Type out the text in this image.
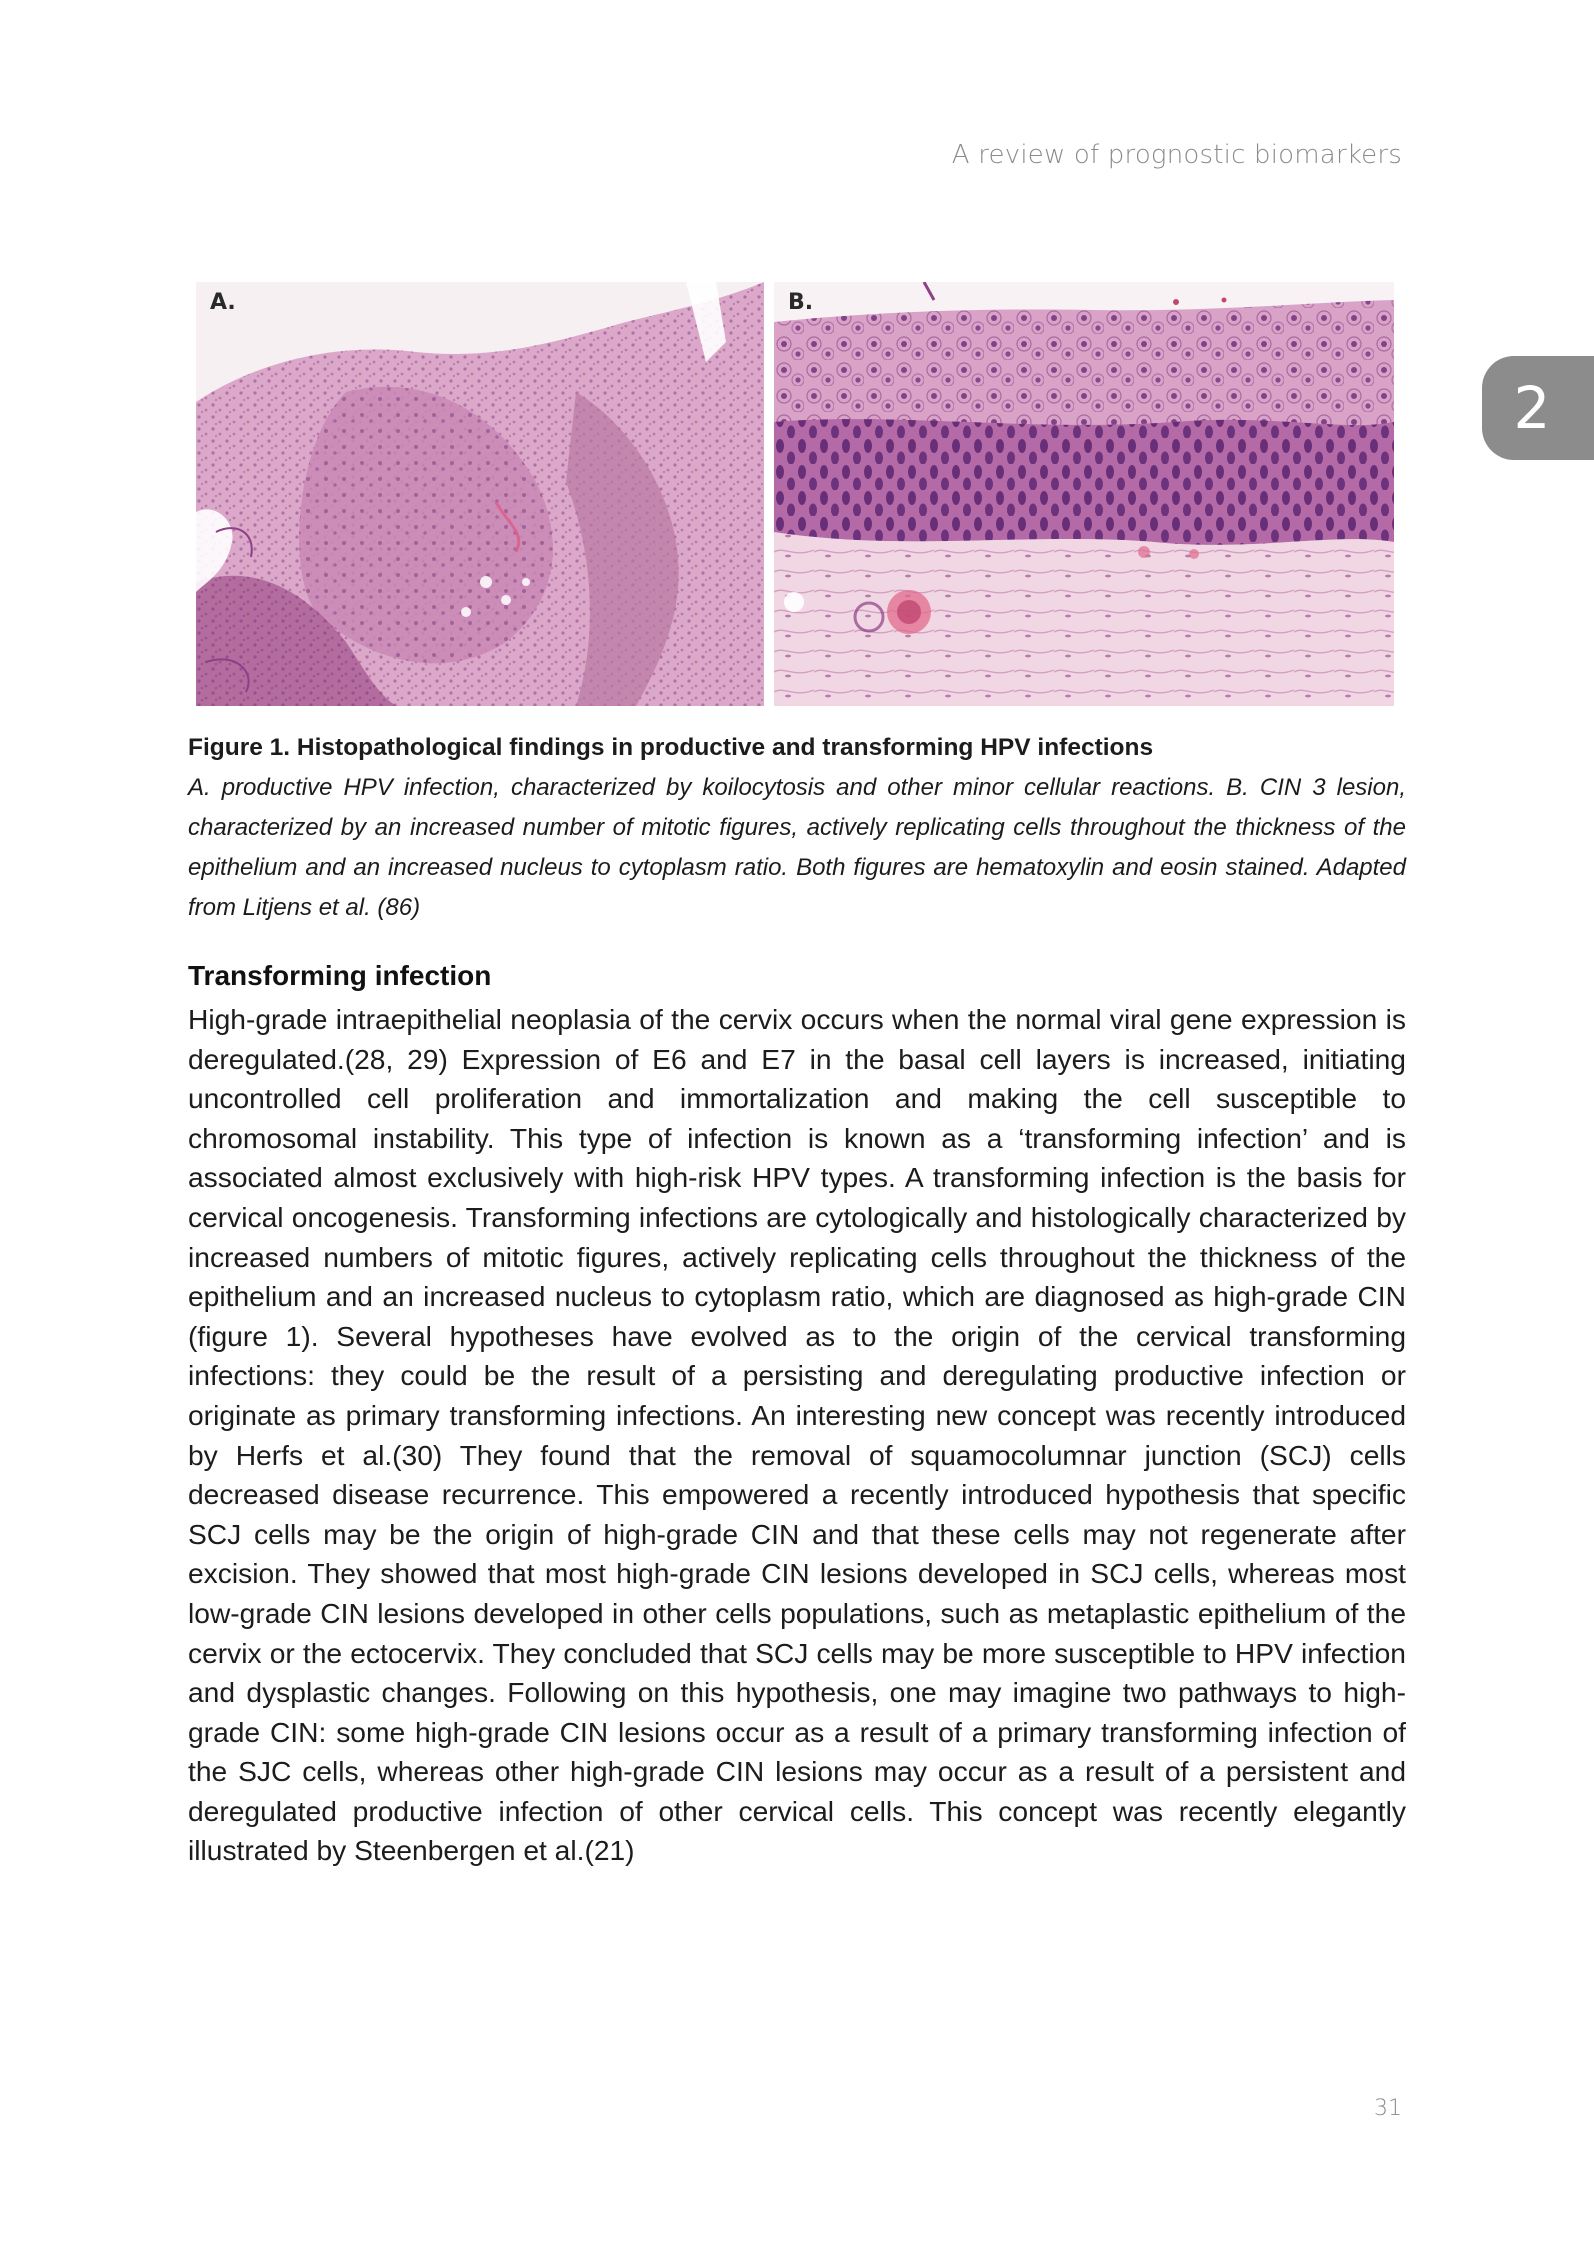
A review of prognostic biomarkers
2
A.	B.
Figure 1. Histopathological findings in productive and transforming HPV infections
A. productive HPV infection, characterized by koilocytosis and other minor cellular reactions. B. CIN 3 lesion, characterized by an increased number of mitotic figures, actively replicating cells throughout the thickness of the epithelium and an increased nucleus to cytoplasm ratio. Both figures are hematoxylin and eosin stained. Adapted from Litjens et al. (86)
Transforming infection
High-grade intraepithelial neoplasia of the cervix occurs when the normal viral gene expression is deregulated.(28, 29) Expression of E6 and E7 in the basal cell layers is increased, initiating uncontrolled cell proliferation and immortalization and making the cell susceptible to chromosomal instability. This type of infection is known as a ‘transforming infection’ and is associated almost exclusively with high-risk HPV types. A transforming infection is the basis for cervical oncogenesis. Transforming infections are cytologically and histologically characterized by increased numbers of mitotic figures, actively replicating cells throughout the thickness of the epithelium and an increased nucleus to cytoplasm ratio, which are diagnosed as high-grade CIN (figure 1). Several hypotheses have evolved as to the origin of the cervical transforming infections: they could be the result of a persisting and deregulating productive infection or originate as primary transforming infections. An interesting new concept was recently introduced by Herfs et al.(30) They found that the removal of squamocolumnar junction (SCJ) cells decreased disease recurrence. This empowered a recently introduced hypothesis that specific SCJ cells may be the origin of high-grade CIN and that these cells may not regenerate after excision. They showed that most high-grade CIN lesions developed in SCJ cells, whereas most low-grade CIN lesions developed in other cells populations, such as metaplastic epithelium of the cervix or the ectocervix. They concluded that SCJ cells may be more susceptible to HPV infection and dysplastic changes. Following on this hypothesis, one may imagine two pathways to high-grade CIN: some high-grade CIN lesions occur as a result of a primary transforming infection of the SJC cells, whereas other high-grade CIN lesions may occur as a result of a persistent and deregulated productive infection of other cervical cells. This concept was recently elegantly illustrated by Steenbergen et al.(21)
31
